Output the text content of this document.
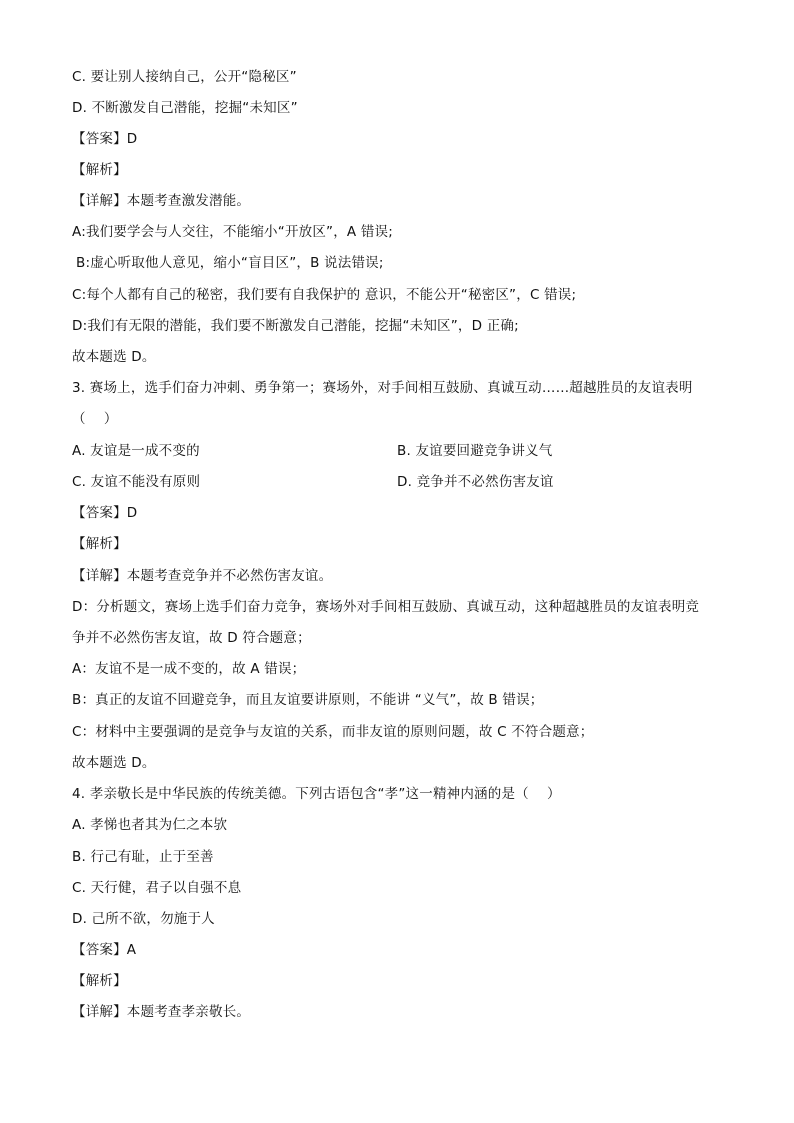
C. 要让别人接纳自己，公开“隐秘区”
D. 不断激发自己潜能，挖掘“未知区”
【答案】D
【解析】
【详解】本题考查激发潜能。
A:我们要学会与人交往，不能缩小“开放区”，A 错误;
B:虚心听取他人意见，缩小“盲目区”，B 说法错误;
C:每个人都有自己的秘密，我们要有自我保护的 意识，不能公开“秘密区”，C 错误;
D:我们有无限的潜能，我们要不断激发自己潜能，挖掘“未知区”，D 正确;
故本题选 D。
3. 赛场上，选手们奋力冲刺、勇争第一；赛场外，对手间相互鼓励、真诚互动……超越胜员的友谊表明
（　 ）
A. 友谊是一成不变的	B. 友谊要回避竞争讲义气
C. 友谊不能没有原则	D. 竞争并不必然伤害友谊
【答案】D
【解析】
【详解】本题考查竞争并不必然伤害友谊。
D：分析题文，赛场上选手们奋力竞争，赛场外对手间相互鼓励、真诚互动，这种超越胜员的友谊表明竞
争并不必然伤害友谊，故 D 符合题意；
A：友谊不是一成不变的，故 A 错误；
B：真正的友谊不回避竞争，而且友谊要讲原则，不能讲 “义气”，故 B 错误；
C：材料中主要强调的是竞争与友谊的关系，而非友谊的原则问题，故 C 不符合题意；
故本题选 D。
4. 孝亲敬长是中华民族的传统美德。下列古语包含“孝”这一精神内涵的是（　 ）
A. 孝悌也者其为仁之本欤
B. 行己有耻，止于至善
C. 天行健，君子以自强不息
D. 己所不欲，勿施于人
【答案】A
【解析】
【详解】本题考查孝亲敬长。
